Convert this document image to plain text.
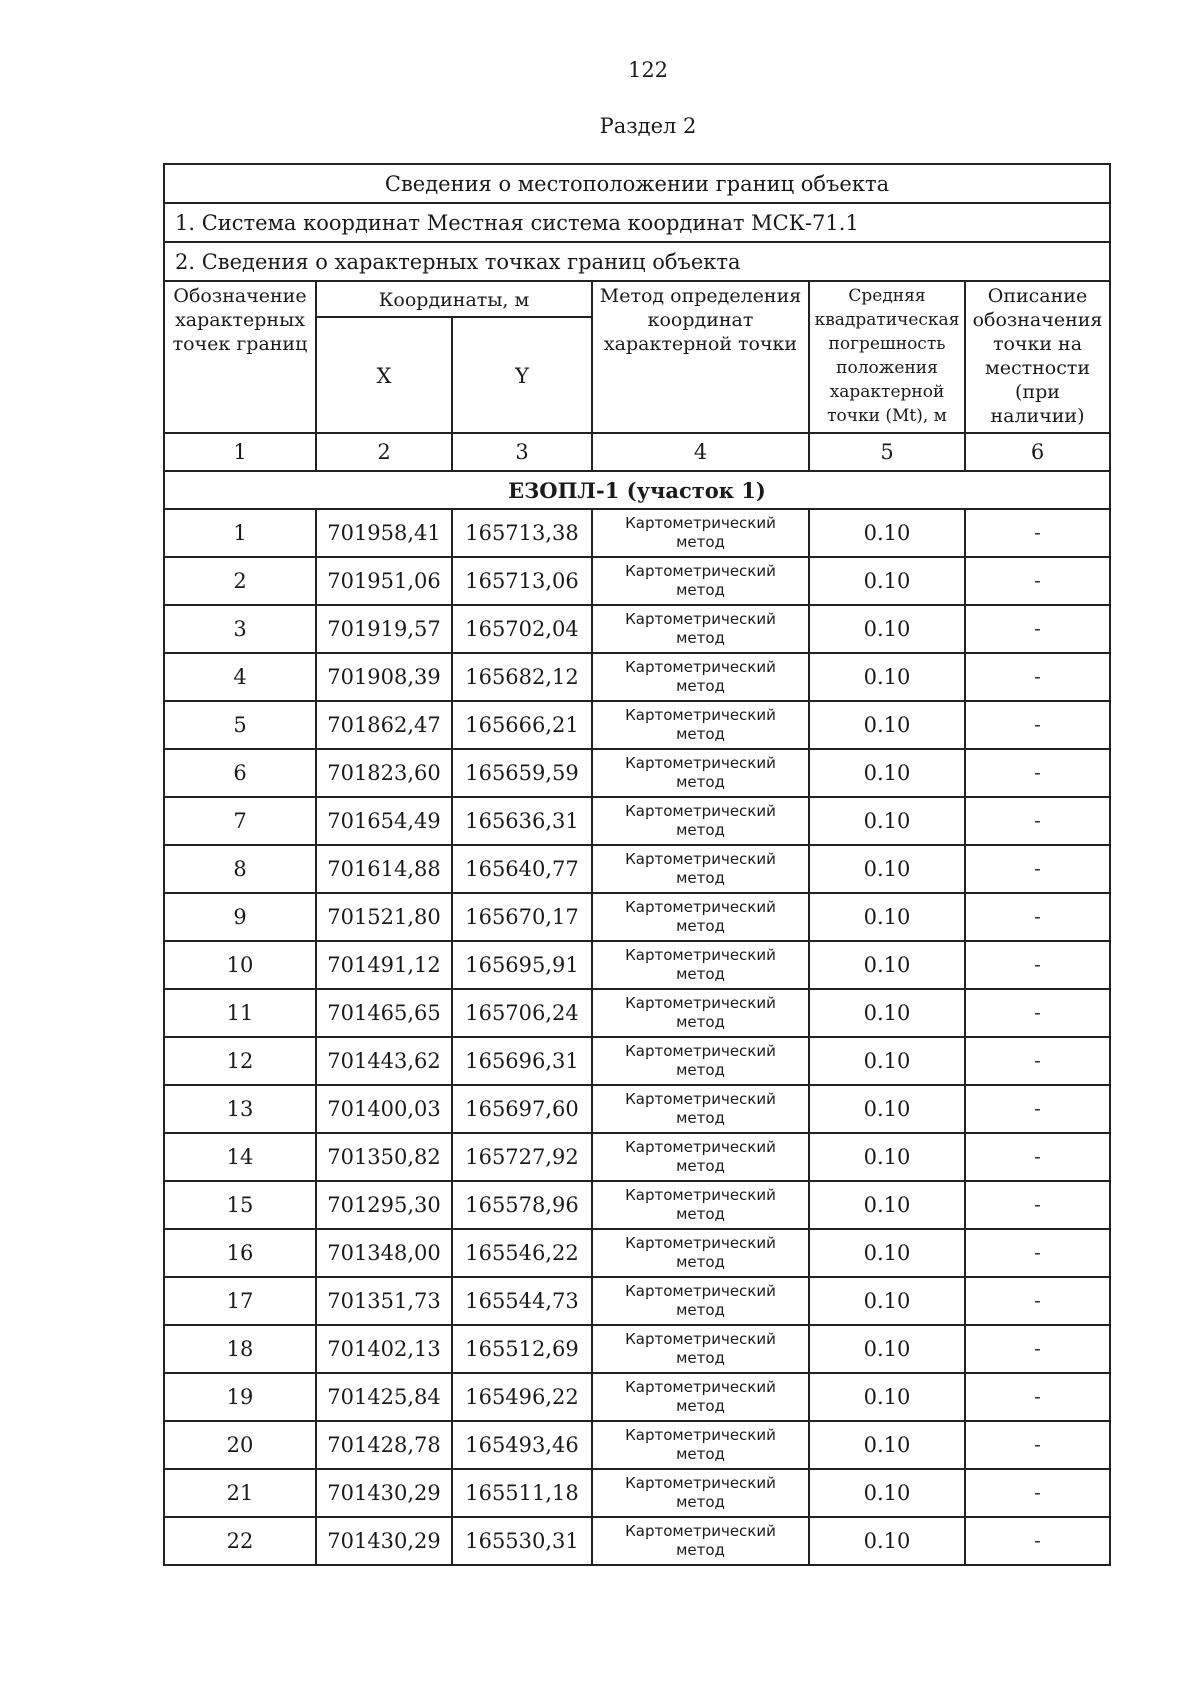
122
Раздел 2
Сведения о местоположении границ объекта					
1. Система координат Местная система координат МСК-71.1					
2. Сведения о характерных точках границ объекта					
Обозначение характерных точек границ	Координаты, м		Метод определения координат характерной точки	Средняя квадратическая погрешность положения характерной точки (Mt), м	Описание обозначения точки на местности (при наличии)
	X	Y			
1	2	3	4	5	6
ЕЗОПЛ-1 (участок 1)					
1	701958,41	165713,38	Картометрический метод	0.10	-
2	701951,06	165713,06	Картометрический метод	0.10	-
3	701919,57	165702,04	Картометрический метод	0.10	-
4	701908,39	165682,12	Картометрический метод	0.10	-
5	701862,47	165666,21	Картометрический метод	0.10	-
6	701823,60	165659,59	Картометрический метод	0.10	-
7	701654,49	165636,31	Картометрический метод	0.10	-
8	701614,88	165640,77	Картометрический метод	0.10	-
9	701521,80	165670,17	Картометрический метод	0.10	-
10	701491,12	165695,91	Картометрический метод	0.10	-
11	701465,65	165706,24	Картометрический метод	0.10	-
12	701443,62	165696,31	Картометрический метод	0.10	-
13	701400,03	165697,60	Картометрический метод	0.10	-
14	701350,82	165727,92	Картометрический метод	0.10	-
15	701295,30	165578,96	Картометрический метод	0.10	-
16	701348,00	165546,22	Картометрический метод	0.10	-
17	701351,73	165544,73	Картометрический метод	0.10	-
18	701402,13	165512,69	Картометрический метод	0.10	-
19	701425,84	165496,22	Картометрический метод	0.10	-
20	701428,78	165493,46	Картометрический метод	0.10	-
21	701430,29	165511,18	Картометрический метод	0.10	-
22	701430,29	165530,31	Картометрический метод	0.10	-
